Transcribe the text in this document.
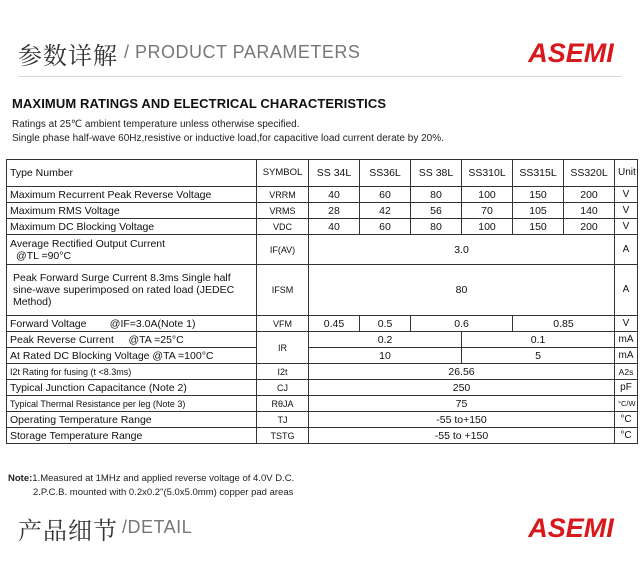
参数详解 / PRODUCT PARAMETERS	ASEMI
MAXIMUM RATINGS AND ELECTRICAL CHARACTERISTICS
Ratings at 25℃ ambient temperature unless otherwise specified.
Single phase half-wave 60Hz,resistive or inductive load,for capacitive load current derate by 20%.
Type Number	SYMBOL	SS 34L	SS36L	SS 38L	SS310L	SS315L	SS320L	Unit
Maximum Recurrent Peak Reverse Voltage	VRRM	40	60	80	100	150	200	V
Maximum RMS Voltage	VRMS	28	42	56	70	105	140	V
Maximum DC Blocking Voltage	VDC	40	60	80	100	150	200	V

Average Rectified Output Current
@TL =90°C	IF(AV)	3.0						A
Peak Forward Surge Current 8.3ms Single half sine-wave superimposed on rated load (JEDEC Method)	IFSM	80						A
Forward Voltage        @IF=3.0A(Note 1)	VFM	0.45	0.5	0.6		0.85		V
Peak Reverse Current     @TA =25°C	IR	0.2			0.1			mA
At Rated DC Blocking Voltage @TA =100°C		10			5			mA
I2t Rating for fusing (t <8.3ms)	I2t	26.56						A2s
Typical Junction Capacitance (Note 2)	CJ	250						pF
Typical Thermal Resistance per leg (Note 3)	RθJA	75						°C/W
Operating Temperature Range	TJ	-55 to+150						°C
Storage Temperature Range	TSTG	-55 to +150						°C
Note:1.Measured at 1MHz and applied reverse voltage of 4.0V D.C.
2.P.C.B. mounted with 0.2x0.2"(5.0x5.0mm) copper pad areas
产品细节 /DETAIL	ASEMI
